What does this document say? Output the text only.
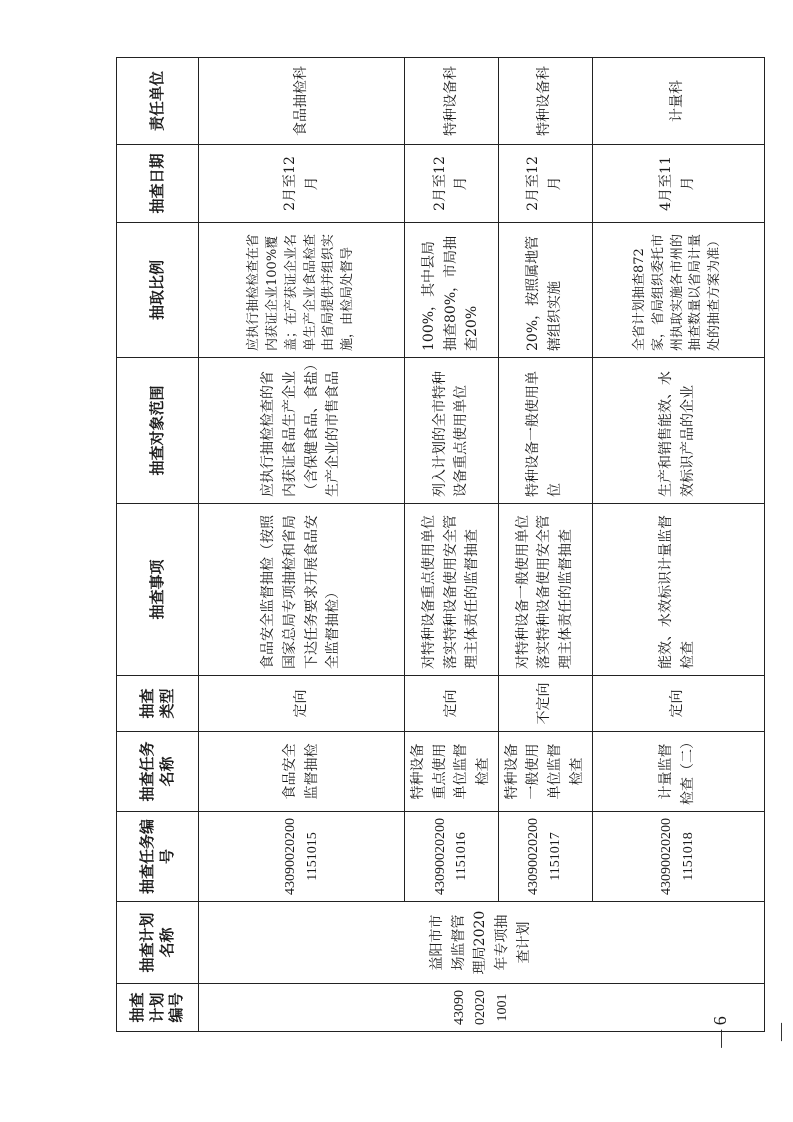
抽查计划编号	抽查计划名称	抽查任务编号	抽查任务名称	抽查类型	抽查事项	抽查对象范围	抽取比例	抽查日期	责任单位
43090020201001	益阳市市场监督管理局2020年专项抽查计划	430900202001151015	食品安全监督抽检	定向	食品安全监督抽检（按照国家总局专项抽检和省局下达任务要求开展食品安全监督抽检）	应执行抽检检查的省内获证食品生产企业（含保健食品、食盐）生产企业的市售食品	应执行抽检检查在省内获证企业100%覆盖；在产获证企业名单生产企业食品检查由省局提供并组织实施，由检局处督导	2月至12月	食品抽检科
		430900202001151016	特种设备重点使用单位监督检查	定向	对特种设备重点使用单位落实特种设备使用安全管理主体责任的监督抽查	列入计划的全市特种设备重点使用单位	100%，其中县局抽查80%，市局抽查20%	2月至12月	特种设备科
		430900202001151017	特种设备一般使用单位监督检查	不定向	对特种设备一般使用单位落实特种设备使用安全管理主体责任的监督抽查	特种设备一般使用单位	20%，按照属地管辖组织实施	2月至12月	特种设备科
		430900202001151018	计量监督检查（二）	定向	能效、水效标识计量监督检查	生产和销售能效、水效标识产品的企业	全省计划抽查872家，省局组织委托市州执取实施各市州的抽查数量以省局计量处的抽查方案为准）	4月至11月	计量科
— 6 —
